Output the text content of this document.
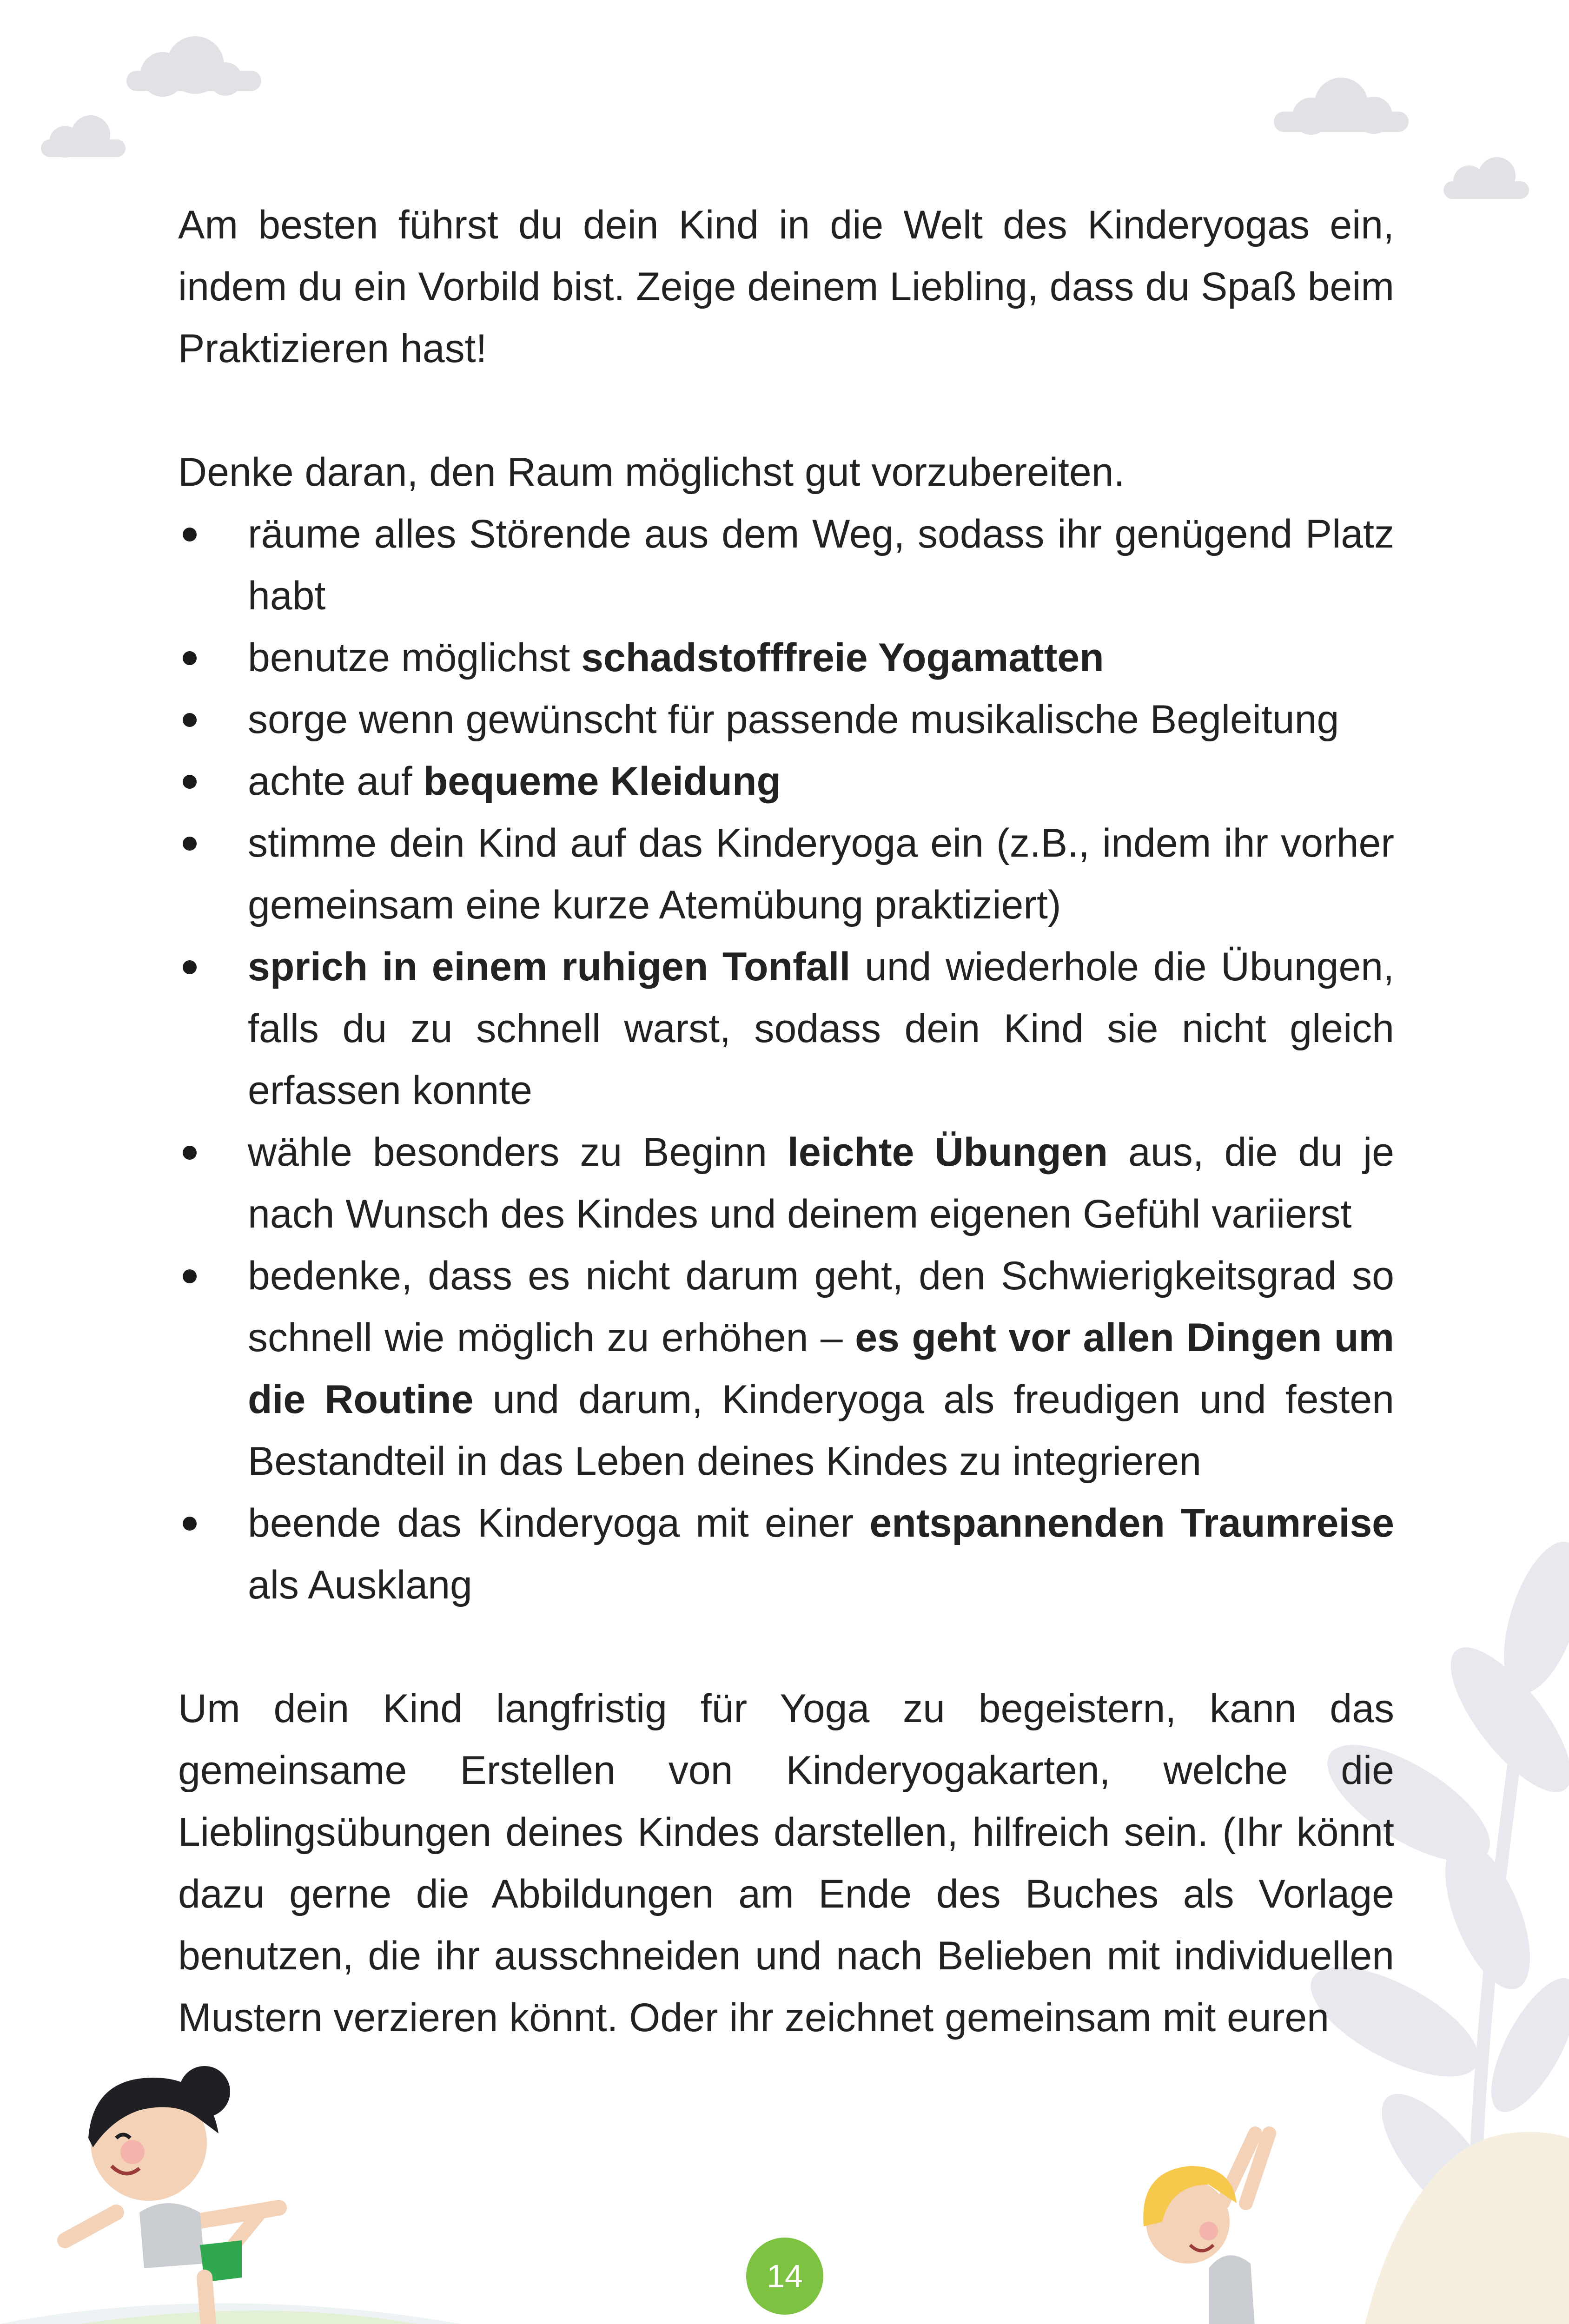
Am besten führst du dein Kind in die Welt des Kinderyogas ein, indem du ein Vorbild bist. Zeige deinem Liebling, dass du Spaß beim Praktizieren hast!

Denke daran, den Raum möglichst gut vorzubereiten.

räume alles Störende aus dem Weg, sodass ihr genügend Platz habt
benutze möglichst schadstofffreie Yogamatten
sorge wenn gewünscht für passende musikalische Begleitung
achte auf bequeme Kleidung
stimme dein Kind auf das Kinderyoga ein (z.B., indem ihr vorher gemeinsam eine kurze Atemübung praktiziert)
sprich in einem ruhigen Tonfall und wiederhole die Übungen, falls du zu schnell warst, sodass dein Kind sie nicht gleich erfassen konnte
wähle besonders zu Beginn leichte Übungen aus, die du je nach Wunsch des Kindes und deinem eigenen Gefühl variierst
bedenke, dass es nicht darum geht, den Schwierigkeitsgrad so schnell wie möglich zu erhöhen – es geht vor allen Dingen um die Routine und darum, Kinderyoga als freudigen und festen Bestandteil in das Leben deines Kindes zu integrieren
beende das Kinderyoga mit einer entspannenden Traumreise als Ausklang

Um dein Kind langfristig für Yoga zu begeistern, kann das gemeinsame Erstellen von Kinderyogakarten, welche die Lieblingsübungen deines Kindes darstellen, hilfreich sein. (Ihr könnt dazu gerne die Abbildungen am Ende des Buches als Vorlage benutzen, die ihr ausschneiden und nach Belieben mit individuellen Mustern verzieren könnt. Oder ihr zeichnet gemeinsam mit euren

14
